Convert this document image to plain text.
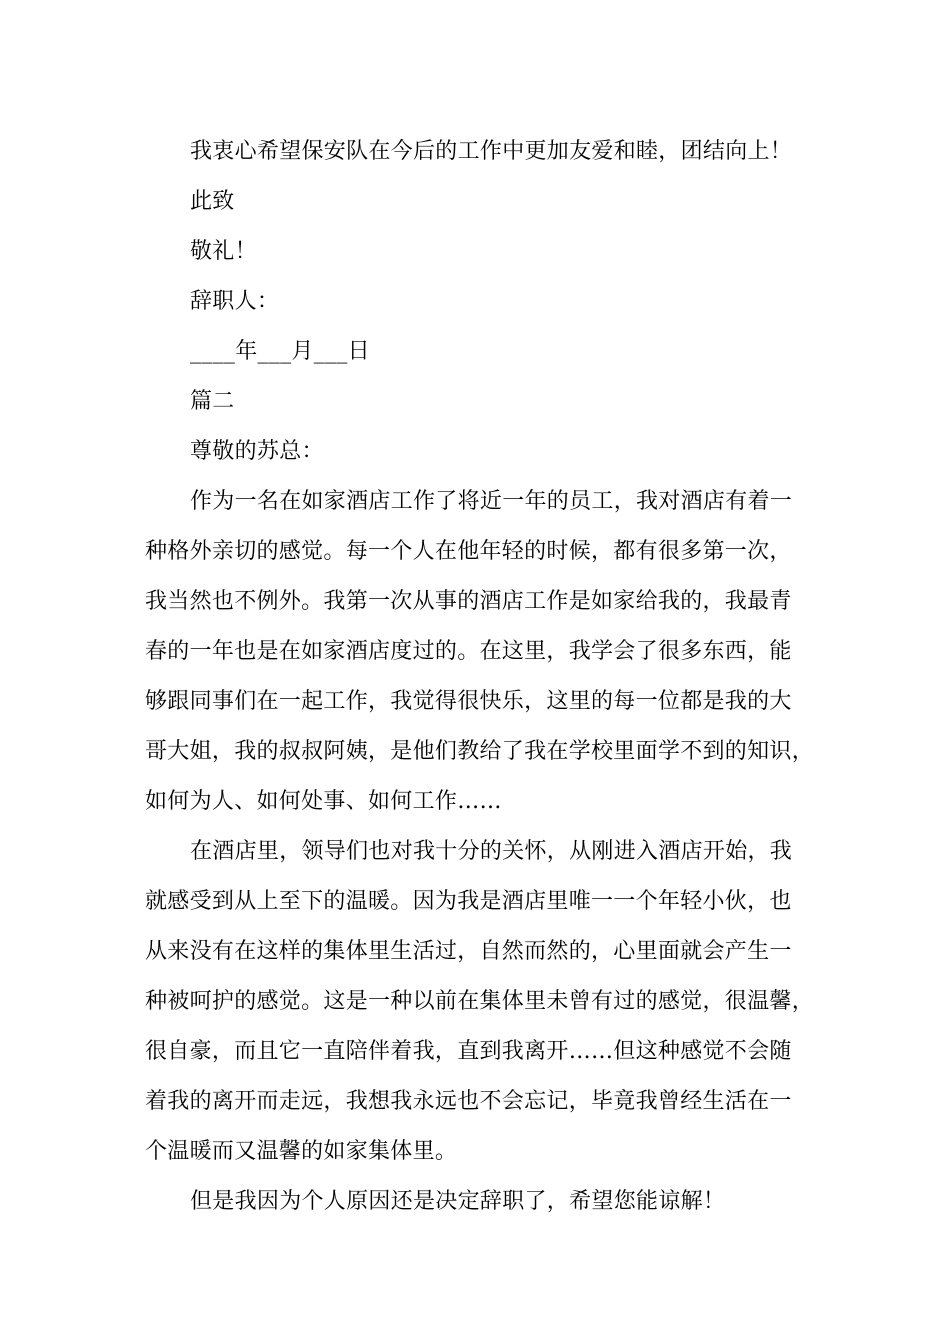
我衷心希望保安队在今后的工作中更加友爱和睦，团结向上！
此致
敬礼！
辞职人：
____年___月___日
篇二
尊敬的苏总：
作为一名在如家酒店工作了将近一年的员工，我对酒店有着一
种格外亲切的感觉。每一个人在他年轻的时候，都有很多第一次，
我当然也不例外。我第一次从事的酒店工作是如家给我的，我最青
春的一年也是在如家酒店度过的。在这里，我学会了很多东西，能
够跟同事们在一起工作，我觉得很快乐，这里的每一位都是我的大
哥大姐，我的叔叔阿姨，是他们教给了我在学校里面学不到的知识，
如何为人、如何处事、如何工作……
在酒店里，领导们也对我十分的关怀，从刚进入酒店开始，我
就感受到从上至下的温暖。因为我是酒店里唯一一个年轻小伙，也
从来没有在这样的集体里生活过，自然而然的，心里面就会产生一
种被呵护的感觉。这是一种以前在集体里未曾有过的感觉，很温馨，
很自豪，而且它一直陪伴着我，直到我离开……但这种感觉不会随
着我的离开而走远，我想我永远也不会忘记，毕竟我曾经生活在一
个温暖而又温馨的如家集体里。
但是我因为个人原因还是决定辞职了，希望您能谅解！
